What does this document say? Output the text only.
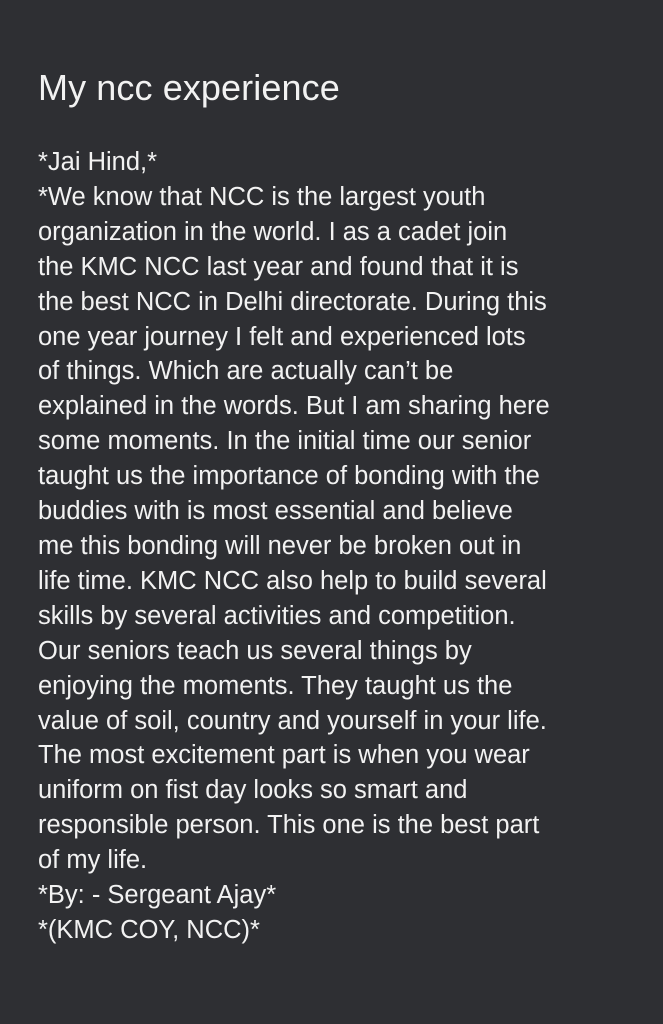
My ncc experience
*Jai Hind,*
*We know that NCC is the largest youth
organization in the world. I as a cadet join
the KMC NCC last year and found that it is
the best NCC in Delhi directorate. During this
one year journey I felt and experienced lots
of things. Which are actually can’t be
explained in the words. But I am sharing here
some moments. In the initial time our senior
taught us the importance of bonding with the
buddies with is most essential and believe
me this bonding will never be broken out in
life time. KMC NCC also help to build several
skills by several activities and competition.
Our seniors teach us several things by
enjoying the moments. They taught us the
value of soil, country and yourself in your life.
The most excitement part is when you wear
uniform on fist day looks so smart and
responsible person. This one is the best part
of my life.
*By: - Sergeant Ajay*
*(KMC COY, NCC)*
